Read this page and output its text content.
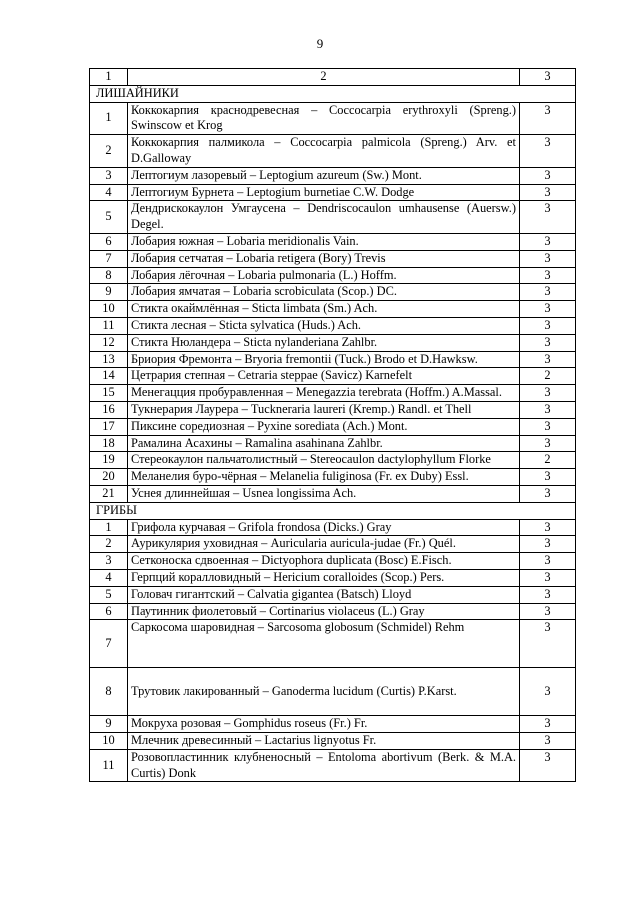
9
1	2	3
ЛИШАЙНИКИ		
1	Коккокарпия краснодревесная – Coccocarpia erythroxyli (Spreng.) Swinscow et Krog	3
2	Коккокарпия палмикола – Coccocarpia palmicola (Spreng.) Arv. et D.Galloway	3
3	Лептогиум лазоревый – Leptogium azureum (Sw.) Mont.	3
4	Лептогиум Бурнета – Leptogium burnetiae C.W. Dodge	3
5	Дендрискокаулон Умгаусена – Dendriscocaulon umhausense (Auersw.) Degel.	3
6	Лобария южная – Lobaria meridionalis Vain.	3
7	Лобария сетчатая – Lobaria retigera (Bory) Trevis	3
8	Лобария лёгочная – Lobaria pulmonaria (L.) Hoffm.	3
9	Лобария ямчатая – Lobaria scrobiculata (Scop.) DC.	3
10	Стикта окаймлённая – Sticta limbata (Sm.) Ach.	3
11	Стикта лесная – Sticta sylvatica (Huds.) Ach.	3
12	Стикта Нюландера – Sticta nylanderiana Zahlbr.	3
13	Бриория Фремонта – Bryoria fremontii (Tuck.) Brodo et D.Hawksw.	3
14	Цетрария степная – Cetraria steppae (Savicz) Karnefelt	2
15	Менегацция пробуравленная – Menegazzia terebrata (Hoffm.) A.Massal.	3
16	Тукнерария Лаурера – Tuckneraria laureri (Kremp.) Randl. et Thell	3
17	Пиксине соредиозная – Pyxine sorediata (Ach.) Mont.	3
18	Рамалина Асахины – Ramalina asahinana Zahlbr.	3
19	Стереокаулон пальчатолистный – Stereocaulon dactylophyllum Florke	2
20	Меланелия буро-чёрная – Melanelia fuliginosa (Fr. ex Duby) Essl.	3
21	Уснея длиннейшая – Usnea longissima Ach.	3
ГРИБЫ		
1	Грифола курчавая – Grifola frondosa (Dicks.) Gray	3
2	Аурикулярия уховидная – Auricularia auricula-judae (Fr.) Quél.	3
3	Сетконоска сдвоенная – Dictyophora duplicata (Bosc) E.Fisch.	3
4	Герпций коралловидный – Hericium coralloides (Scop.) Pers.	3
5	Головач гигантский – Calvatia gigantea (Batsch) Lloyd	3
6	Паутинник фиолетовый – Cortinarius violaceus (L.) Gray	3
7	Саркосома шаровидная – Sarcosoma globosum (Schmidel) Rehm	3
8	Трутовик лакированный – Ganoderma lucidum (Curtis) P.Karst.	3
9	Мокруха розовая – Gomphidus roseus (Fr.) Fr.	3
10	Млечник древесинный – Lactarius lignyotus Fr.	3
11	Розовопластинник клубненосный – Entoloma abortivum (Berk. & M.A. Curtis) Donk	3
